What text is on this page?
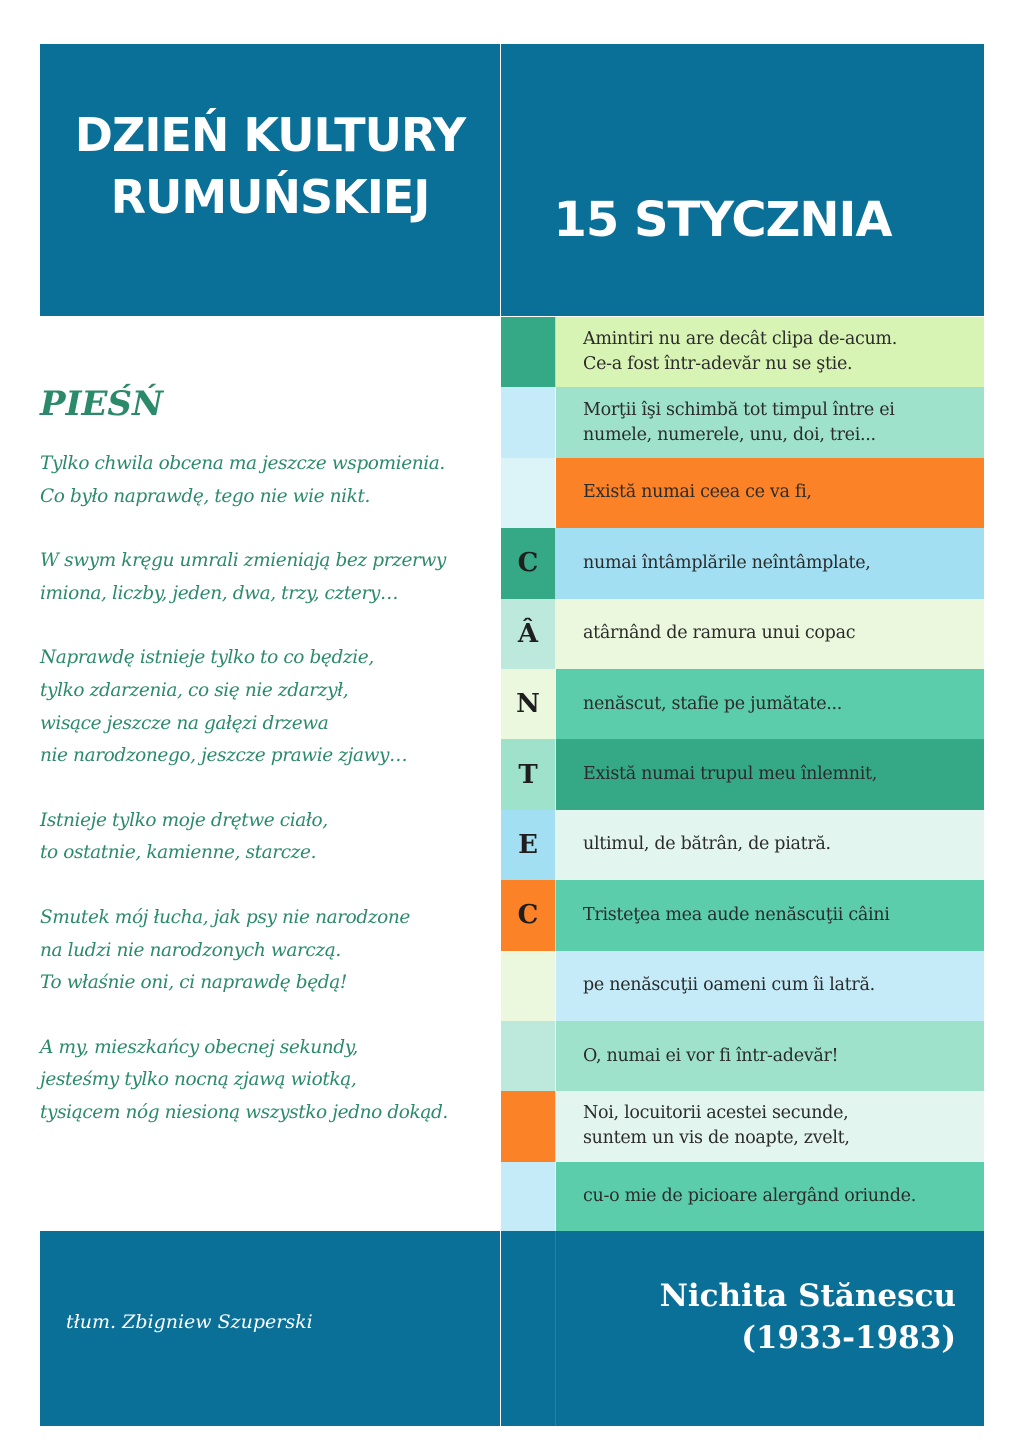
DZIEŃ KULTURY
RUMUŃSKIEJ	15 STYCZNIA
PIEŚŃ
Tylko chwila obcena ma jeszcze wspomienia.
Co było naprawdę, tego nie wie nikt.
W swym kręgu umrali zmieniają bez przerwy
imiona, liczby, jeden, dwa, trzy, cztery…
Naprawdę istnieje tylko to co będzie,
tylko zdarzenia, co się nie zdarzył,
wisące jeszcze na gałęzi drzewa
nie narodzonego, jeszcze prawie zjawy…
Istnieje tylko moje drętwe ciało,
to ostatnie, kamienne, starcze.
Smutek mój łucha, jak psy nie narodzone
na ludzi nie narodzonych warczą.
To właśnie oni, ci naprawdę będą!
A my, mieszkańcy obecnej sekundy,
jesteśmy tylko nocną zjawą wiotką,
tysiącem nóg niesioną wszystko jedno dokąd.
Amintiri nu are decât clipa de-acum.
Ce-a fost într-adevăr nu se ştie.
Morţii îşi schimbă tot timpul între ei
numele, numerele, unu, doi, trei...
Există numai ceea ce va fi,
C	numai întâmplările neîntâmplate,
Â	atârnând de ramura unui copac
N	nenăscut, stafie pe jumătate...
T	Există numai trupul meu înlemnit,
E	ultimul, de bătrân, de piatră.
C	Tristeţea mea aude nenăscuţii câini
pe nenăscuţii oameni cum îi latră.
O, numai ei vor fi într-adevăr!
Noi, locuitorii acestei secunde,
suntem un vis de noapte, zvelt,
cu-o mie de picioare alergând oriunde.

tłum. Zbigniew Szuperski

Nichita Stănescu
(1933-1983)
